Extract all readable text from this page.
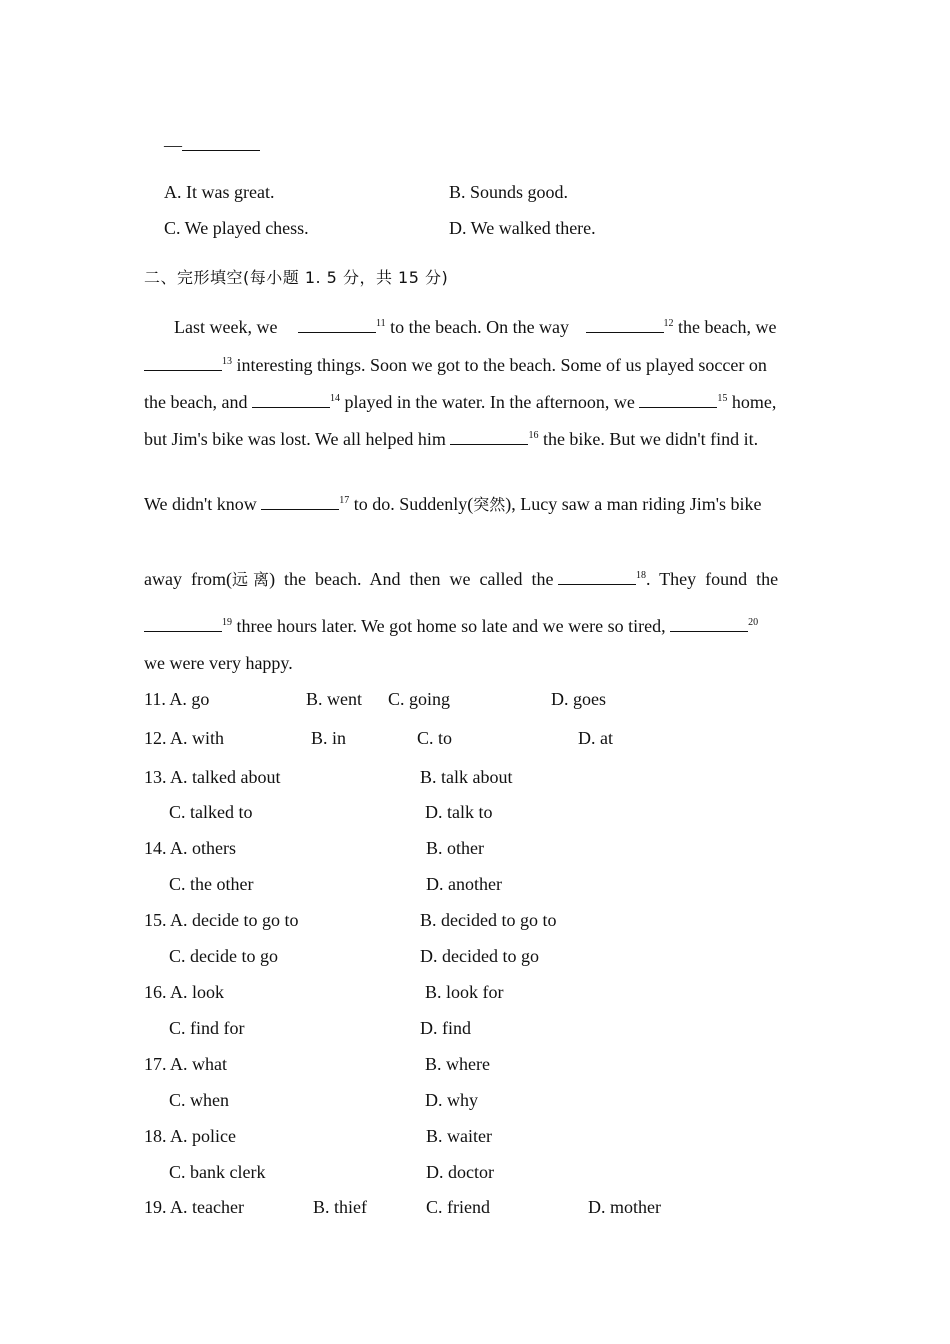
—
A. It was great.	B. Sounds good.
C. We played chess.	D. We walked there.
二、完形填空(每小题 1. 5 分，共 15 分)
Last week, we	$^{11}$ to the beach. On the way	$^{12}$ the beach, we
$^{13}$ interesting things. Soon we got to the beach. Some of us played soccer on
the beach, and	$^{14}$ played in the water. In the afternoon, we	$^{15}$ home,
but Jim's bike was lost. We all helped him	$^{16}$ the bike. But we didn't find it.
We didn't know	$^{17}$ to do. Suddenly(突然), Lucy saw a man riding Jim's bike
away  from(远 离)  the  beach.  And  then  we  called  the	$^{18}$.  They  found  the
$^{19}$ three hours later. We got home so late and we were so tired,	$^{20}$
we were very happy.
11. A. go	B. went C. going	D. goes
12. A. with	B. in	C. to	D. at
13. A. talked about	B. talk about
C. talked to	D. talk to
14. A. others	B. other
C. the other	D. another
15. A. decide to go to	B. decided to go to
C. decide to go	D. decided to go
16. A. look	B. look for
C. find for	D. find
17. A. what	B. where
C. when	D. why
18. A. police	B. waiter
C. bank clerk	D. doctor
19. A. teacher	B. thief	C. friend	D. mother
